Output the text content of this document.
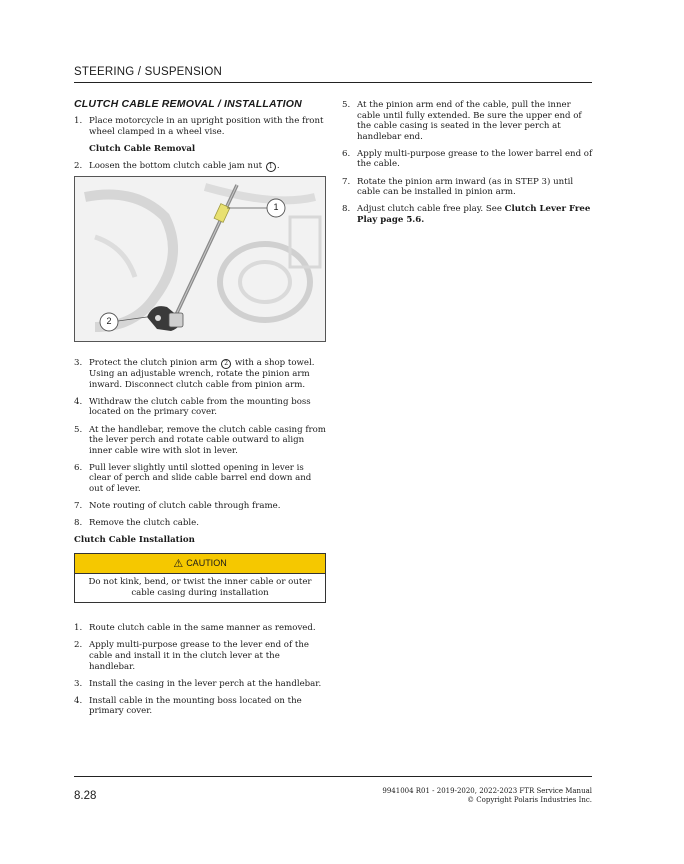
STEERING / SUSPENSION
CLUTCH CABLE REMOVAL / INSTALLATION
1. Place motorcycle in an upright position with the front wheel clamped in a wheel vise.
Clutch Cable Removal
2. Loosen the bottom clutch cable jam nut 1 .
3. Protect the clutch pinion arm 2 with a shop towel. Using an adjustable wrench, rotate the pinion arm inward. Disconnect clutch cable from pinion arm.
4. Withdraw the clutch cable from the mounting boss located on the primary cover.
5. At the handlebar, remove the clutch cable casing from the lever perch and rotate cable outward to align inner cable wire with slot in lever.
6. Pull lever slightly until slotted opening in lever is clear of perch and slide cable barrel end down and out of lever.
7. Note routing of clutch cable through frame.
8. Remove the clutch cable.
Clutch Cable Installation
⚠ CAUTION
Do not kink, bend, or twist the inner cable or outer cable casing during installation
1. Route clutch cable in the same manner as removed.
2. Apply multi-purpose grease to the lever end of the cable and install it in the clutch lever at the handlebar.
3. Install the casing in the lever perch at the handlebar.
4. Install cable in the mounting boss located on the primary cover.
1
2
5. At the pinion arm end of the cable, pull the inner cable until fully extended. Be sure the upper end of the cable casing is seated in the lever perch at handlebar end.
6. Apply multi-purpose grease to the lower barrel end of the cable.
7. Rotate the pinion arm inward (as in STEP 3) until cable can be installed in pinion arm.
8. Adjust clutch cable free play. See Clutch Lever Free Play page 5.6.
8.28	9941004 R01 - 2019-2020, 2022-2023 FTR Service Manual
© Copyright Polaris Industries Inc.
